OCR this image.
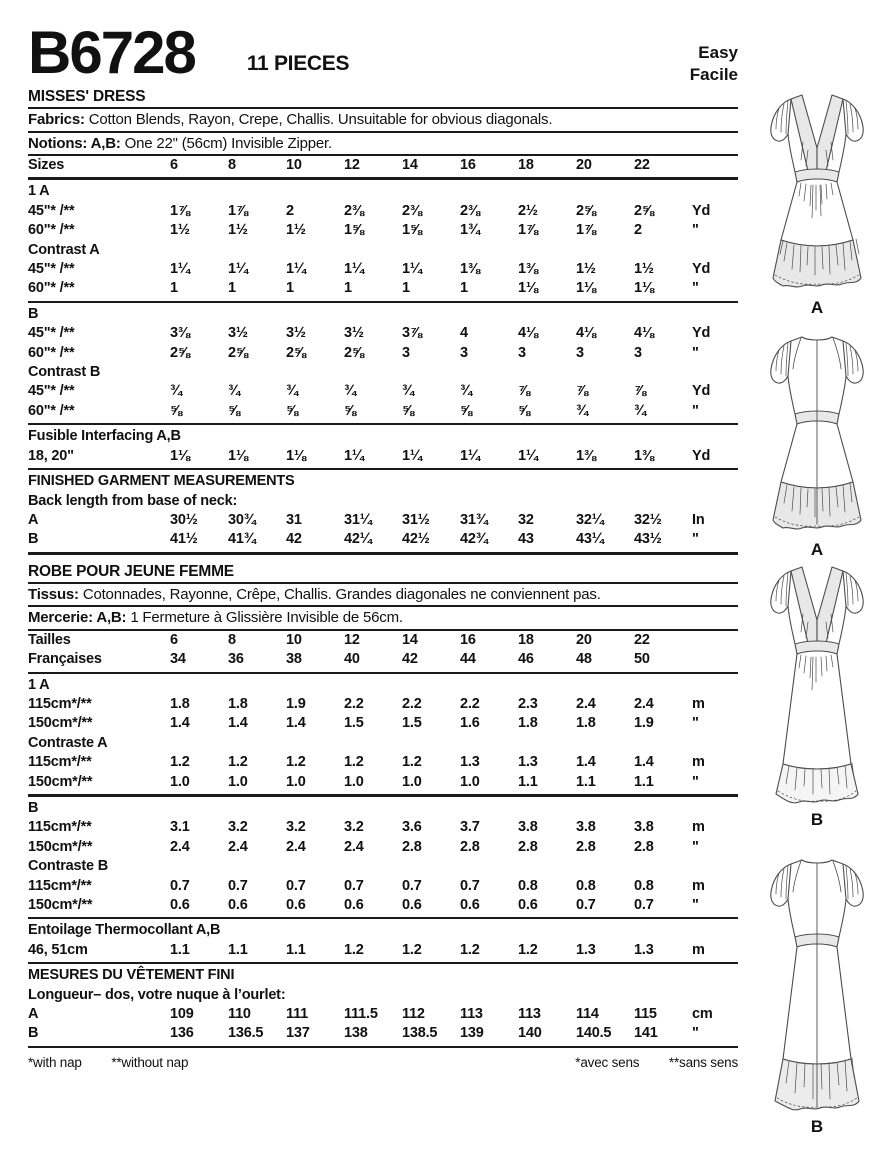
B6728 11 PIECES	Easy
Facile
MISSES' DRESS
Fabrics: Cotton Blends, Rayon, Crepe, Challis. Unsuitable for obvious diagonals.
Notions: A,B: One 22" (56cm) Invisible Zipper.
Sizes	6	8	10	12	14	16	18	20	22
1 A
45"* /**	1⅞	1⅞	2	2⅜	2⅜	2⅜	2½	2⅝	2⅝	Yd
60"* /**	1½	1½	1½	1⅝	1⅝	1¾	1⅞	1⅞	2	"
Contrast A
45"* /**	1¼	1¼	1¼	1¼	1¼	1⅜	1⅜	1½	1½	Yd
60"* /**	1	1	1	1	1	1	1⅛	1⅛	1⅛	"
B
45"* /**	3⅜	3½	3½	3½	3⅞	4	4⅛	4⅛	4⅛	Yd
60"* /**	2⅝	2⅝	2⅝	2⅝	3	3	3	3	3	"
Contrast B
45"* /**	¾	¾	¾	¾	¾	¾	⅞	⅞	⅞	Yd
60"* /**	⅝	⅝	⅝	⅝	⅝	⅝	⅝	¾	¾	"
Fusible Interfacing A,B
18, 20"	1⅛	1⅛	1⅛	1¼	1¼	1¼	1¼	1⅜	1⅜	Yd
FINISHED GARMENT MEASUREMENTS
Back length from base of neck:
A	30½	30¾	31	31¼	31½	31¾	32	32¼	32½	In
B	41½	41¾	42	42¼	42½	42¾	43	43¼	43½	"
ROBE POUR JEUNE FEMME
Tissus: Cotonnades, Rayonne, Crêpe, Challis. Grandes diagonales ne conviennent pas.
Mercerie: A,B: 1 Fermeture à Glissière Invisible de 56cm.
Tailles	6	8	10	12	14	16	18	20	22
Françaises	34	36	38	40	42	44	46	48	50
1 A
115cm*/**	1.8	1.8	1.9	2.2	2.2	2.2	2.3	2.4	2.4	m
150cm*/**	1.4	1.4	1.4	1.5	1.5	1.6	1.8	1.8	1.9	"
Contraste A
115cm*/**	1.2	1.2	1.2	1.2	1.2	1.3	1.3	1.4	1.4	m
150cm*/**	1.0	1.0	1.0	1.0	1.0	1.0	1.1	1.1	1.1	"
B
115cm*/**	3.1	3.2	3.2	3.2	3.6	3.7	3.8	3.8	3.8	m
150cm*/**	2.4	2.4	2.4	2.4	2.8	2.8	2.8	2.8	2.8	"
Contraste B
115cm*/**	0.7	0.7	0.7	0.7	0.7	0.7	0.8	0.8	0.8	m
150cm*/**	0.6	0.6	0.6	0.6	0.6	0.6	0.6	0.7	0.7	"
Entoilage Thermocollant A,B
46, 51cm	1.1	1.1	1.1	1.2	1.2	1.2	1.2	1.3	1.3	m
MESURES DU VÊTEMENT FINI
Longueur– dos, votre nuque à l’ourlet:
A	109	110	111	111.5	112	113	113	114	115	cm
B	136	136.5	137	138	138.5	139	140	140.5	141	"
*with nap **without nap	*avec sens **sans sens
A
A
B
B
